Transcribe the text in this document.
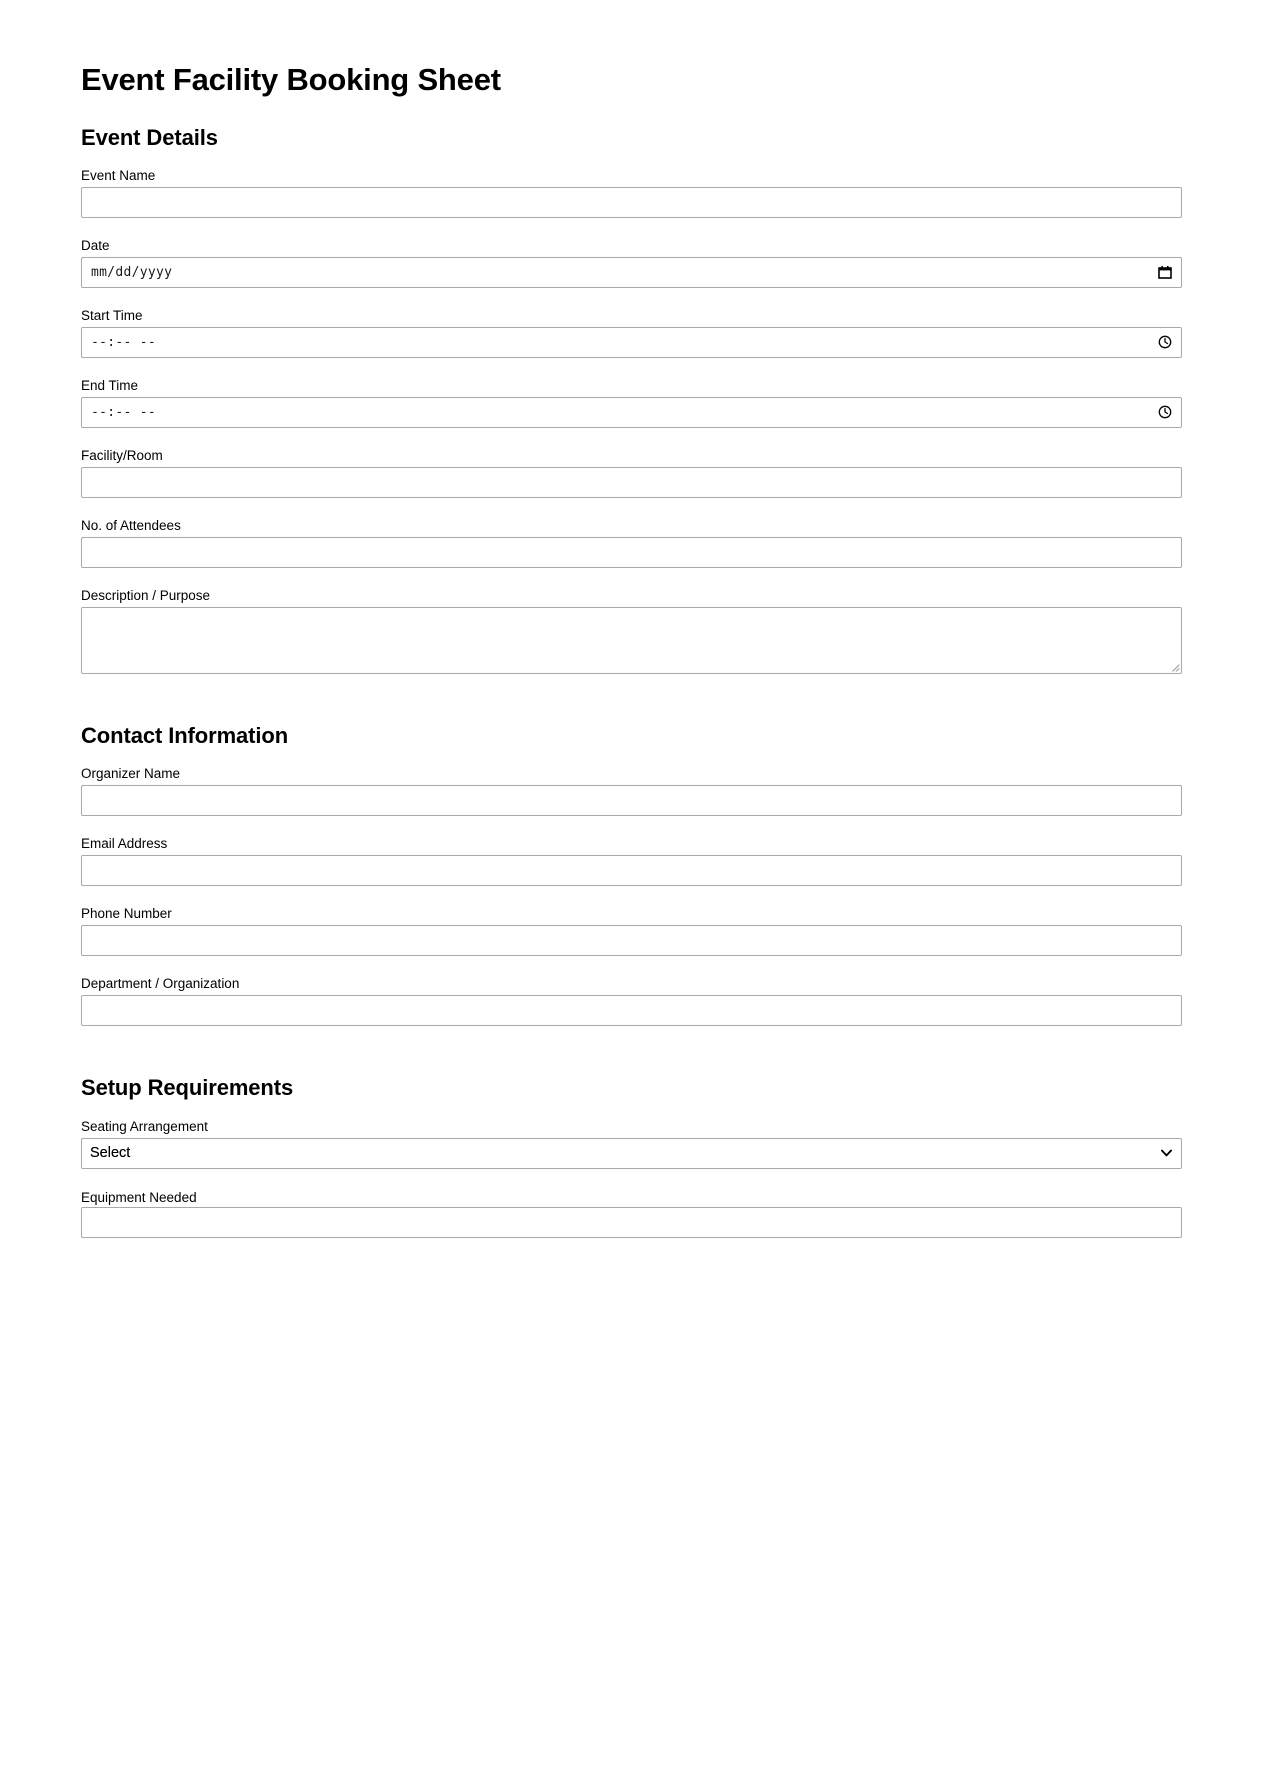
Event Facility Booking Sheet
Event Details
Event Name
Date
mm/dd/yyyy
Start Time
--:-- --
End Time
--:-- --
Facility/Room
No. of Attendees
Description / Purpose
Contact Information
Organizer Name
Email Address
Phone Number
Department / Organization
Setup Requirements
Seating Arrangement
Select
Select
Equipment Needed
